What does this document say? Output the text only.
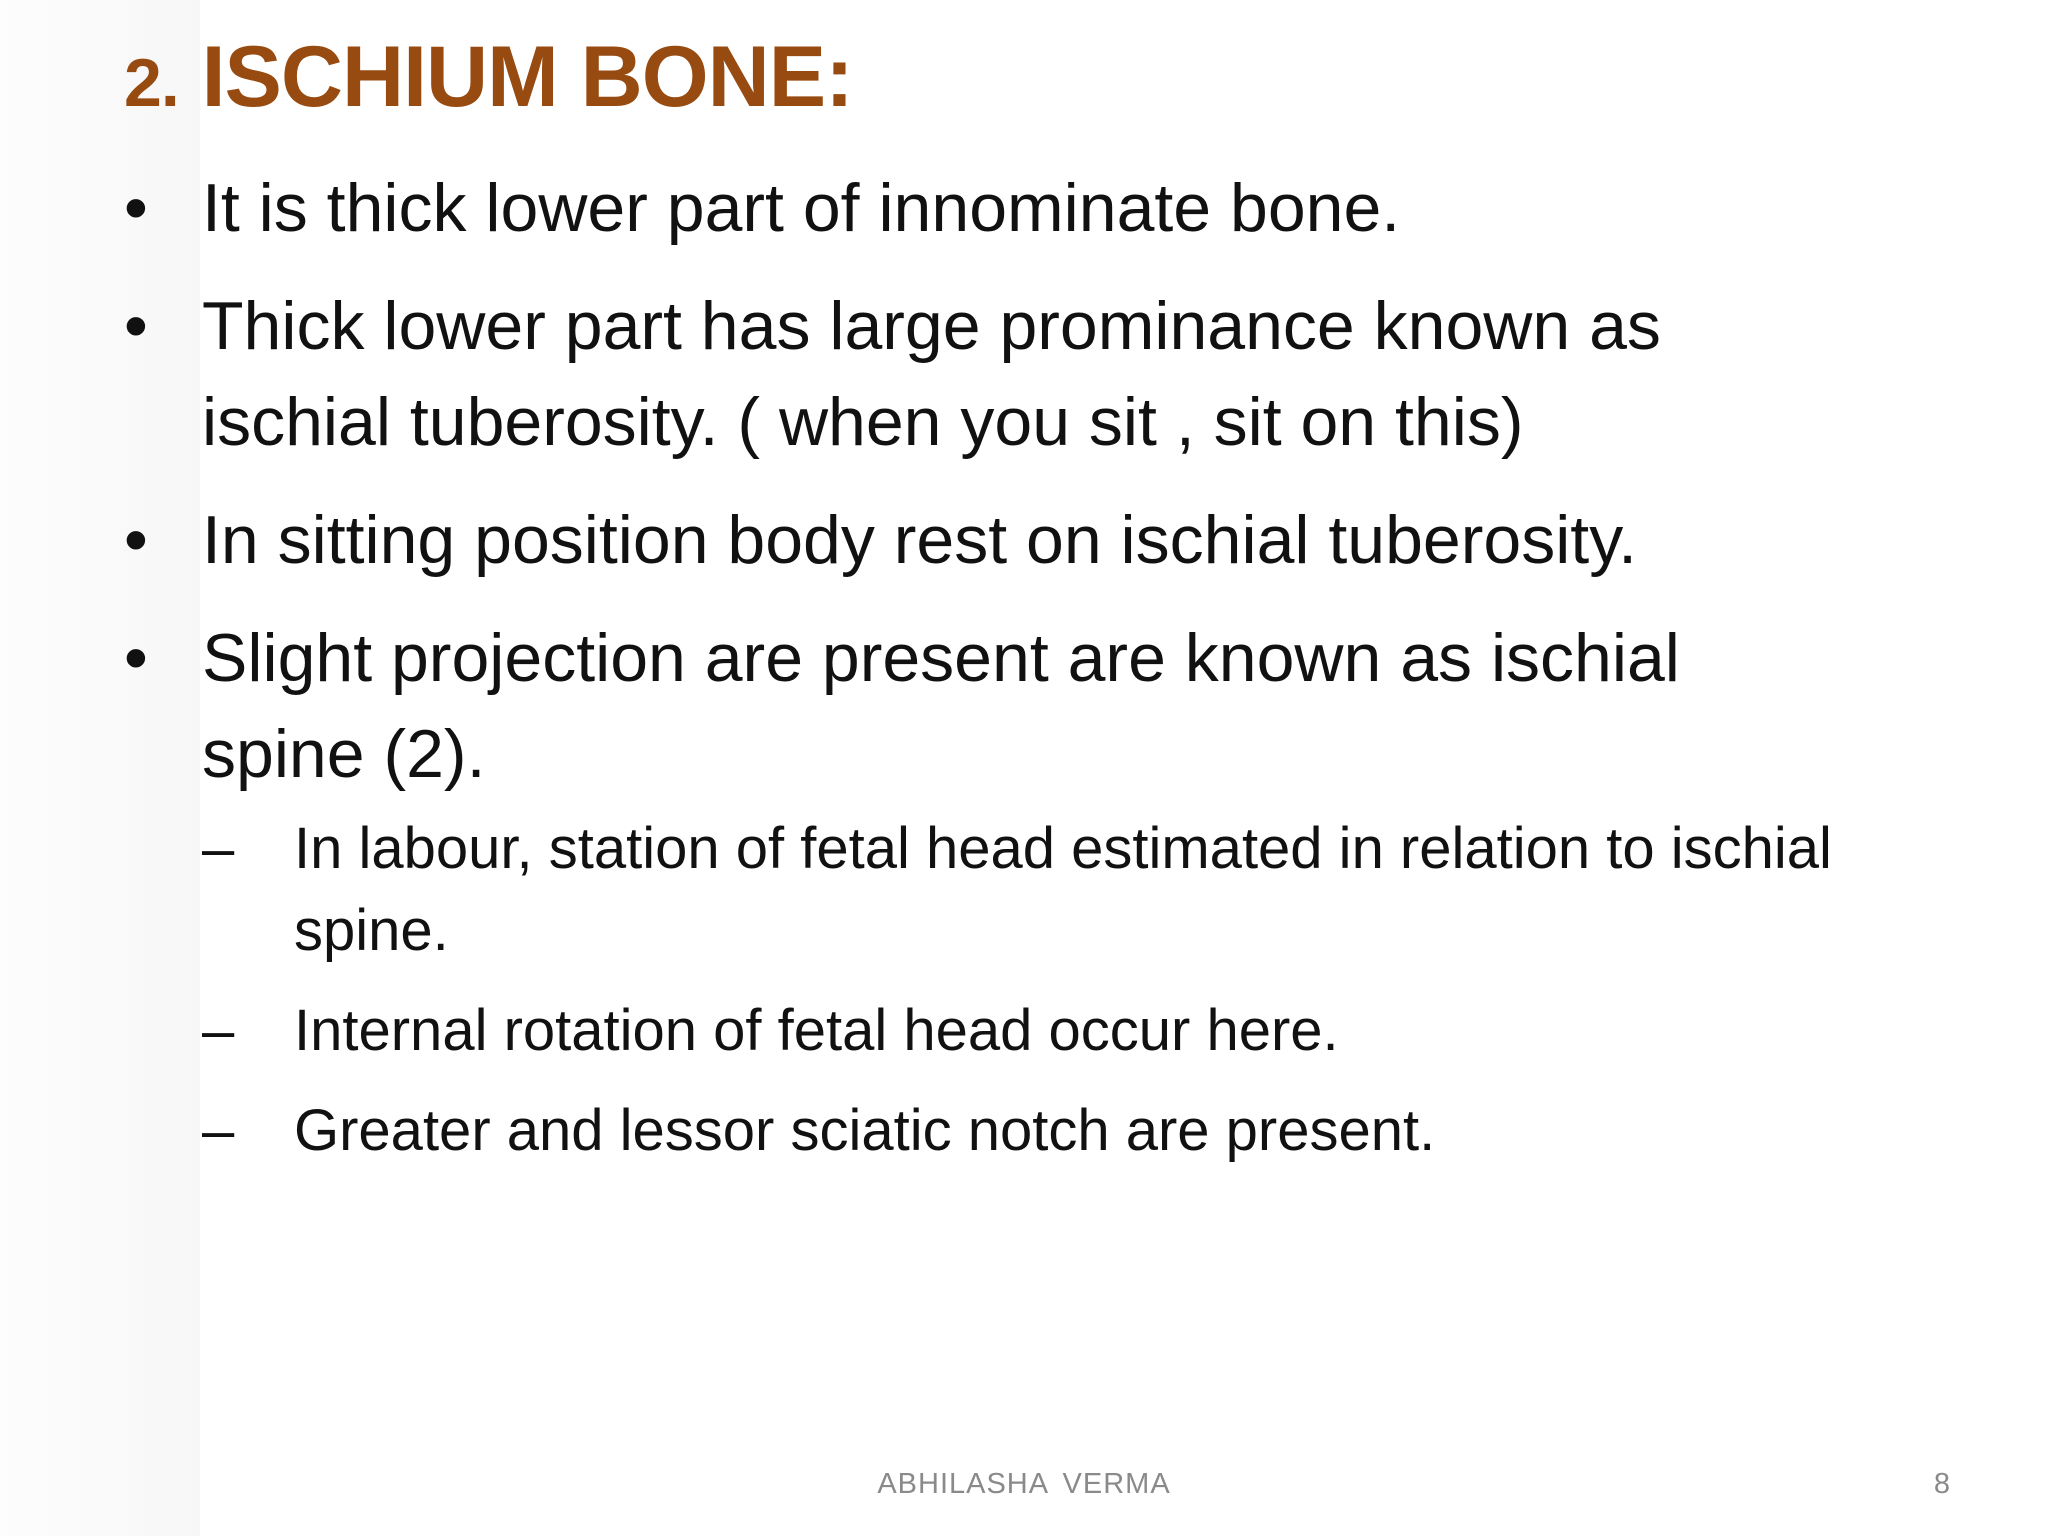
2. ISCHIUM BONE:
• It is thick lower part of innominate bone.
• Thick lower part has large prominance known as ischial tuberosity. ( when you sit , sit on this)
• In sitting position body rest on ischial tuberosity.
• Slight projection are present are known as ischial spine (2).
–	In labour, station of fetal head estimated in relation to ischial spine.
–	Internal rotation of fetal head occur here.
–	Greater and lessor sciatic notch are present.
ABHILASHA VERMA	8
